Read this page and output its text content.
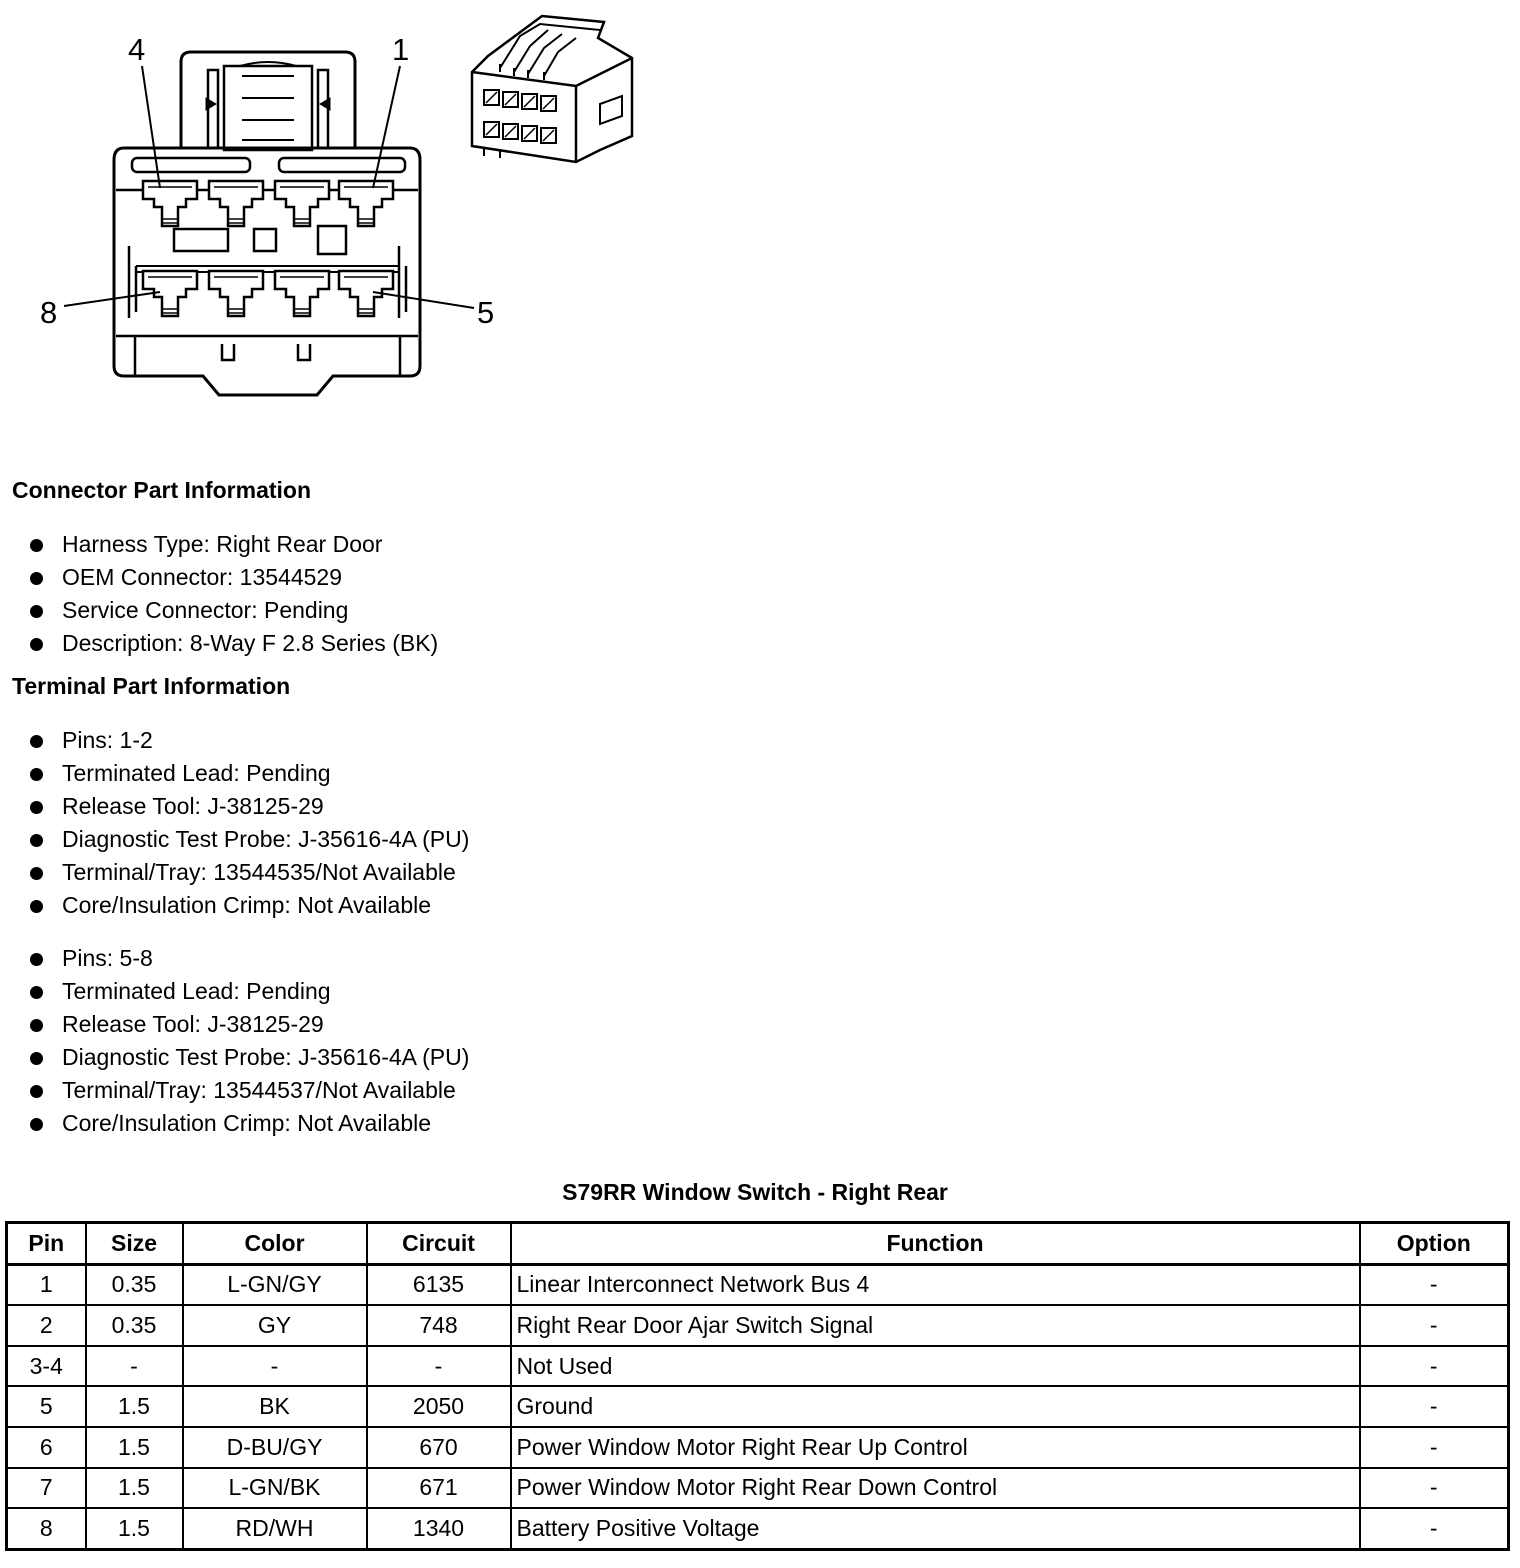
4	1
8	5
Connector Part Information
Harness Type: Right Rear Door
OEM Connector: 13544529
Service Connector: Pending
Description: 8-Way F 2.8 Series (BK)
Terminal Part Information
Pins: 1-2
Terminated Lead: Pending
Release Tool: J-38125-29
Diagnostic Test Probe: J-35616-4A (PU)
Terminal/Tray: 13544535/Not Available
Core/Insulation Crimp: Not Available
Pins: 5-8
Terminated Lead: Pending
Release Tool: J-38125-29
Diagnostic Test Probe: J-35616-4A (PU)
Terminal/Tray: 13544537/Not Available
Core/Insulation Crimp: Not Available
S79RR Window Switch - Right Rear
Pin	Size	Color	Circuit	Function	Option
1	0.35	L-GN/GY	6135	Linear Interconnect Network Bus 4	-
2	0.35	GY	748	Right Rear Door Ajar Switch Signal	-
3-4	-	-	-	Not Used	-
5	1.5	BK	2050	Ground	-
6	1.5	D-BU/GY	670	Power Window Motor Right Rear Up Control	-
7	1.5	L-GN/BK	671	Power Window Motor Right Rear Down Control	-
8	1.5	RD/WH	1340	Battery Positive Voltage	-
